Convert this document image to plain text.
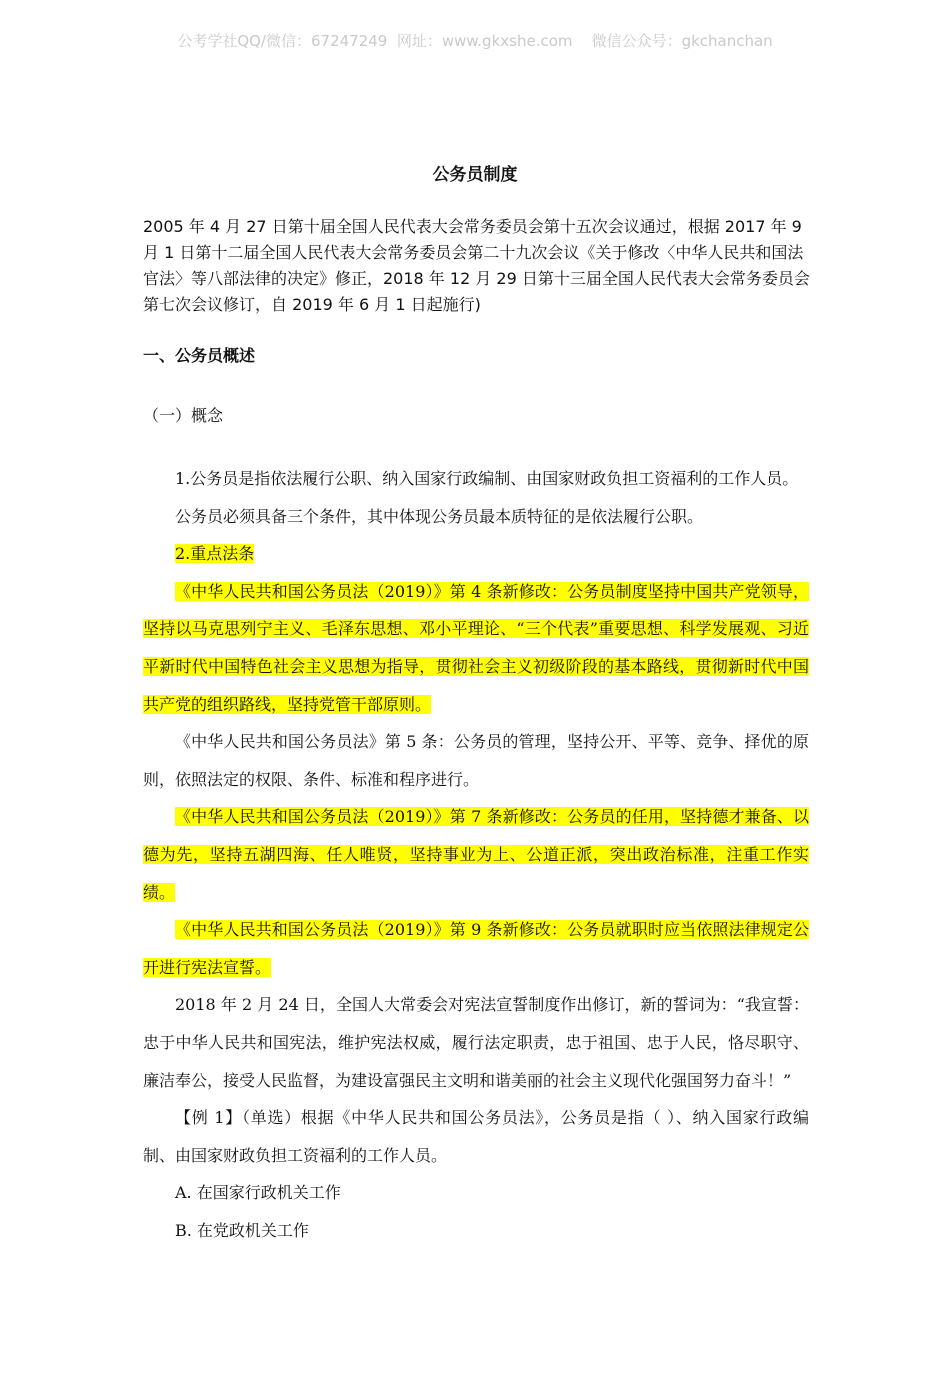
公考学社QQ/微信：67247249  网址：www.gkxshe.com    微信公众号：gkchanchan
公务员制度
2005 年 4 月 27 日第十届全国人民代表大会常务委员会第十五次会议通过，根据 2017 年 9 月 1 日第十二届全国人民代表大会常务委员会第二十九次会议《关于修改〈中华人民共和国法官法〉等八部法律的决定》修正，2018 年 12 月 29 日第十三届全国人民代表大会常务委员会第七次会议修订，自 2019 年 6 月 1 日起施行)
一、公务员概述
（一）概念

1.公务员是指依法履行公职、纳入国家行政编制、由国家财政负担工资福利的工作人员。

公务员必须具备三个条件，其中体现公务员最本质特征的是依法履行公职。

2.重点法条

《中华人民共和国公务员法（2019）》第 4 条新修改：公务员制度坚持中国共产党领导，坚持以马克思列宁主义、毛泽东思想、邓小平理论、“三个代表”重要思想、科学发展观、习近平新时代中国特色社会主义思想为指导，贯彻社会主义初级阶段的基本路线，贯彻新时代中国共产党的组织路线，坚持党管干部原则。

《中华人民共和国公务员法》第 5 条：公务员的管理，坚持公开、平等、竞争、择优的原则，依照法定的权限、条件、标准和程序进行。

《中华人民共和国公务员法（2019）》第 7 条新修改：公务员的任用，坚持德才兼备、以德为先，坚持五湖四海、任人唯贤，坚持事业为上、公道正派，突出政治标准，注重工作实绩。

《中华人民共和国公务员法（2019）》第 9 条新修改：公务员就职时应当依照法律规定公开进行宪法宣誓。

2018 年 2 月 24 日，全国人大常委会对宪法宣誓制度作出修订，新的誓词为：“我宣誓：忠于中华人民共和国宪法，维护宪法权威，履行法定职责，忠于祖国、忠于人民，恪尽职守、廉洁奉公，接受人民监督，为建设富强民主文明和谐美丽的社会主义现代化强国努力奋斗！”

【例 1】（单选）根据《中华人民共和国公务员法》，公务员是指（ ）、纳入国家行政编制、由国家财政负担工资福利的工作人员。

A. 在国家行政机关工作

B. 在党政机关工作
